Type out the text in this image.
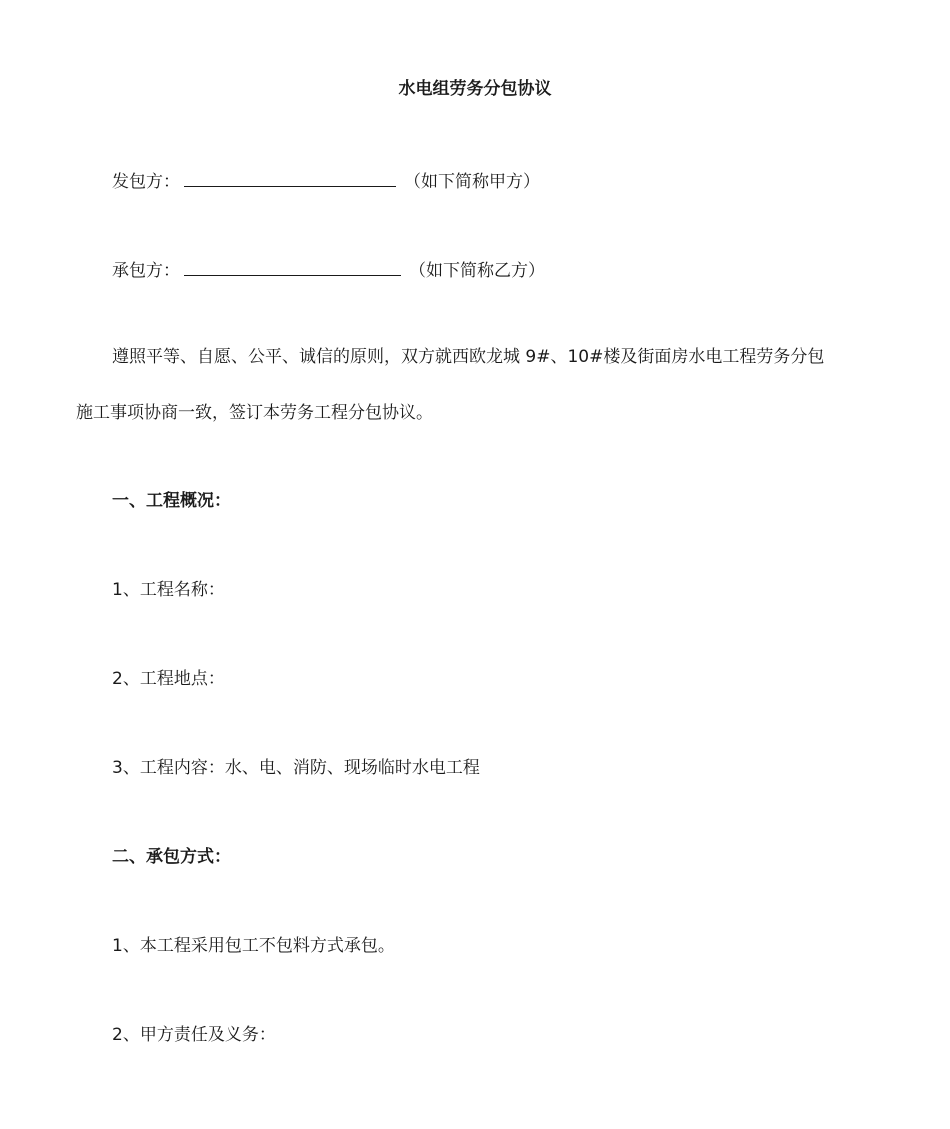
水电组劳务分包协议
发包方：	（如下简称甲方）
承包方：	（如下简称乙方）
遵照平等、自愿、公平、诚信的原则，双方就西欧龙城 9#、10#楼及街面房水电工程劳务分包
施工事项协商一致，签订本劳务工程分包协议。
一、工程概况：
1、工程名称：
2、工程地点：
3、工程内容：水、电、消防、现场临时水电工程
二、承包方式：
1、本工程采用包工不包料方式承包。
2、甲方责任及义务：
